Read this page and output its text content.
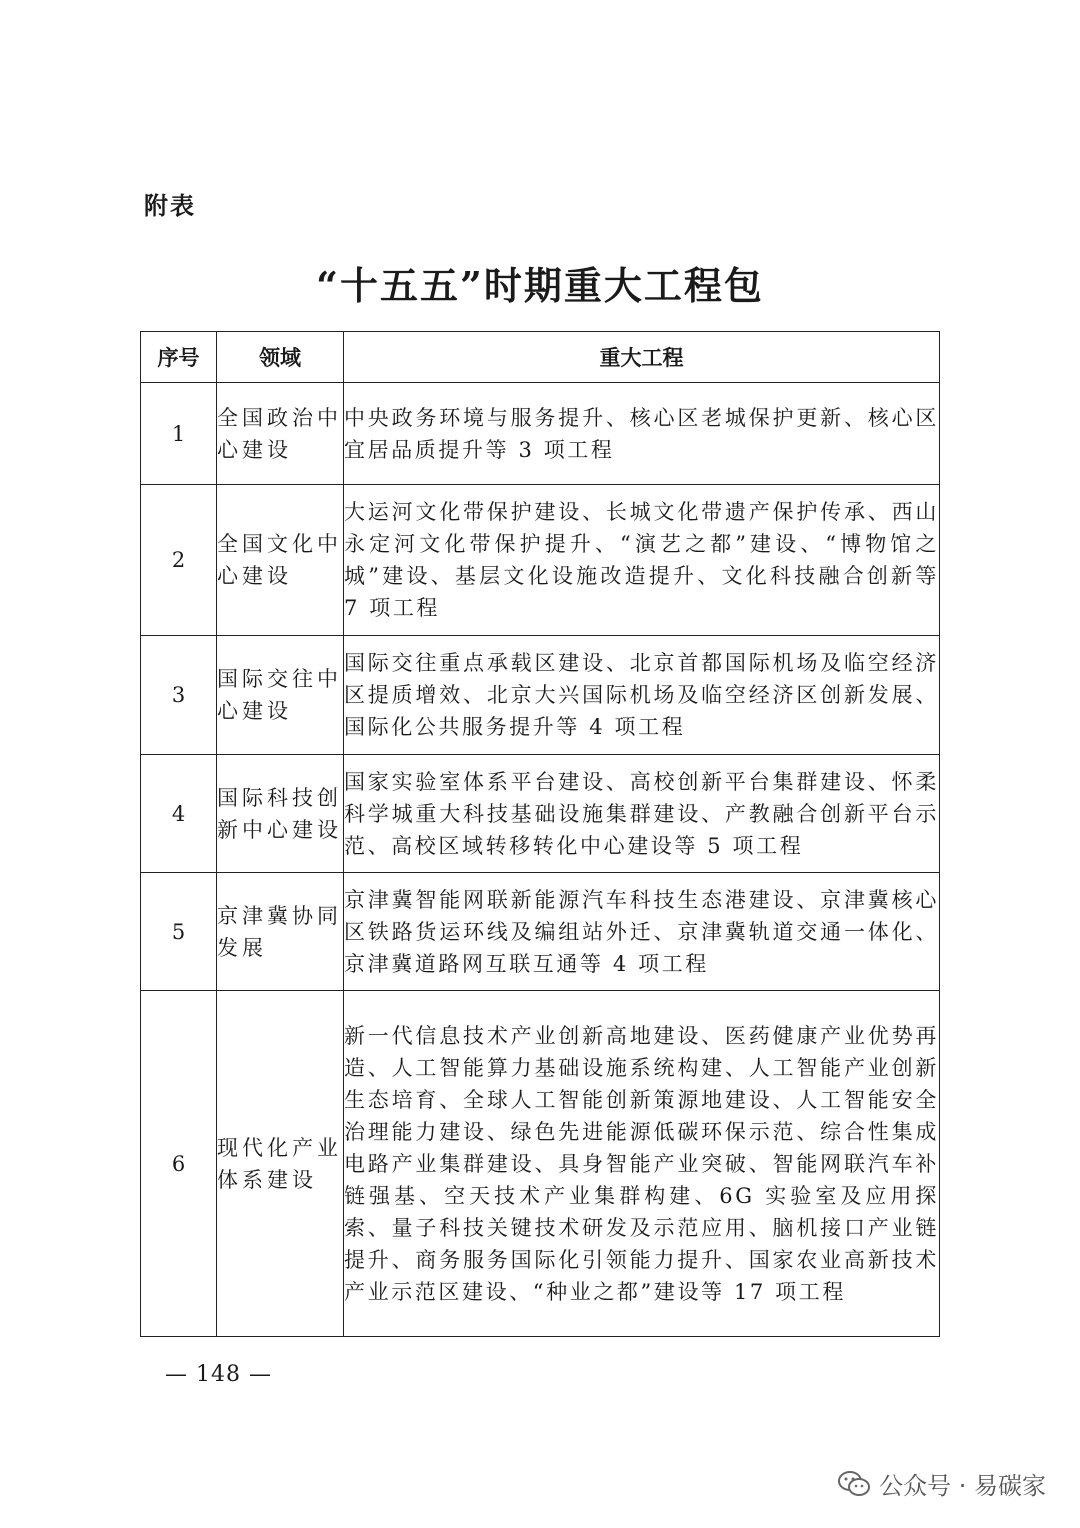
附表
“十五五”时期重大工程包
序号	领域	重大工程
1	全国政治中心建设	中央政务环境与服务提升、核心区老城保护更新、核心区宜居品质提升等 3 项工程
2	全国文化中心建设	大运河文化带保护建设、长城文化带遗产保护传承、西山永定河文化带保护提升、“演艺之都”建设、“博物馆之城”建设、基层文化设施改造提升、文化科技融合创新等 7 项工程
3	国际交往中心建设	国际交往重点承载区建设、北京首都国际机场及临空经济区提质增效、北京大兴国际机场及临空经济区创新发展、国际化公共服务提升等 4 项工程
4	国际科技创新中心建设	国家实验室体系平台建设、高校创新平台集群建设、怀柔科学城重大科技基础设施集群建设、产教融合创新平台示范、高校区域转移转化中心建设等 5 项工程
5	京津冀协同发展	京津冀智能网联新能源汽车科技生态港建设、京津冀核心区铁路货运环线及编组站外迁、京津冀轨道交通一体化、京津冀道路网互联互通等 4 项工程
6	现代化产业体系建设	新一代信息技术产业创新高地建设、医药健康产业优势再造、人工智能算力基础设施系统构建、人工智能产业创新生态培育、全球人工智能创新策源地建设、人工智能安全治理能力建设、绿色先进能源低碳环保示范、综合性集成电路产业集群建设、具身智能产业突破、智能网联汽车补链强基、空天技术产业集群构建、6G 实验室及应用探索、量子科技关键技术研发及示范应用、脑机接口产业链提升、商务服务国际化引领能力提升、国家农业高新技术产业示范区建设、“种业之都”建设等 17 项工程
— 148 —
公众号 · 易碳家
